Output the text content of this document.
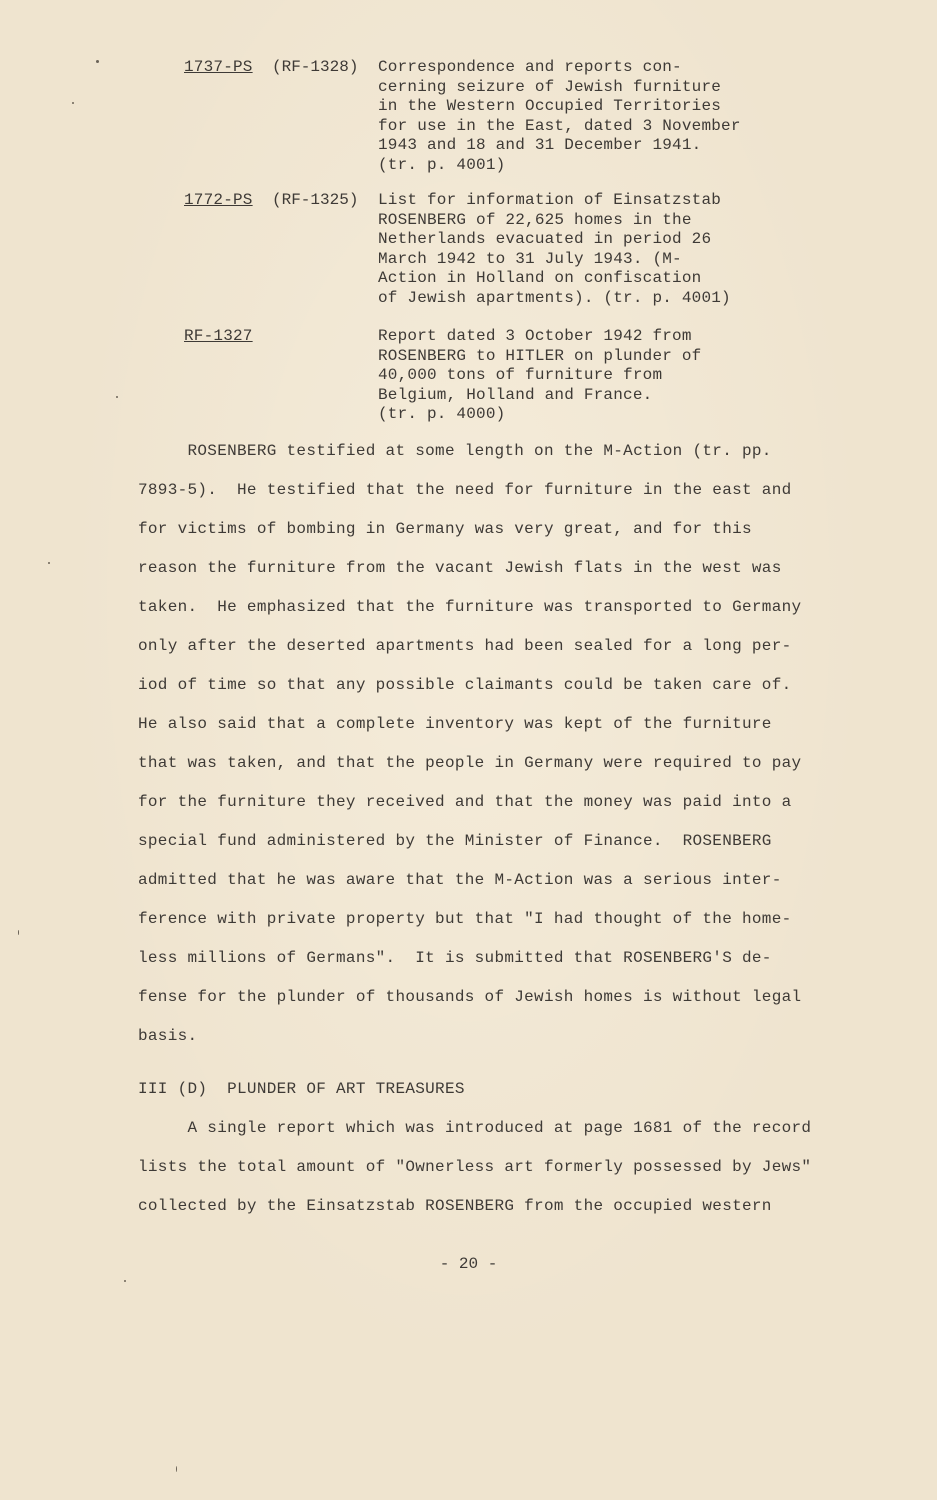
1737-PS (RF-1328) Correspondence and reports con-
cerning seizure of Jewish furniture
in the Western Occupied Territories
for use in the East, dated 3 November
1943 and 18 and 31 December 1941.
(tr. p. 4001)
1772-PS (RF-1325) List for information of Einsatzstab
ROSENBERG of 22,625 homes in the
Netherlands evacuated in period 26
March 1942 to 31 July 1943. (M-
Action in Holland on confiscation
of Jewish apartments). (tr. p. 4001)
RF-1327	Report dated 3 October 1942 from
ROSENBERG to HITLER on plunder of
40,000 tons of furniture from
Belgium, Holland and France.
(tr. p. 4000)
ROSENBERG testified at some length on the M-Action (tr. pp.
7893-5).  He testified that the need for furniture in the east and
for victims of bombing in Germany was very great, and for this
reason the furniture from the vacant Jewish flats in the west was
taken.  He emphasized that the furniture was transported to Germany
only after the deserted apartments had been sealed for a long per-
iod of time so that any possible claimants could be taken care of.
He also said that a complete inventory was kept of the furniture
that was taken, and that the people in Germany were required to pay
for the furniture they received and that the money was paid into a
special fund administered by the Minister of Finance.  ROSENBERG
admitted that he was aware that the M-Action was a serious inter-
ference with private property but that "I had thought of the home-
less millions of Germans".  It is submitted that ROSENBERG'S de-
fense for the plunder of thousands of Jewish homes is without legal
basis.
III (D)  PLUNDER OF ART TREASURES
A single report which was introduced at page 1681 of the record
lists the total amount of "Ownerless art formerly possessed by Jews"
collected by the Einsatzstab ROSENBERG from the occupied western
- 20 -
